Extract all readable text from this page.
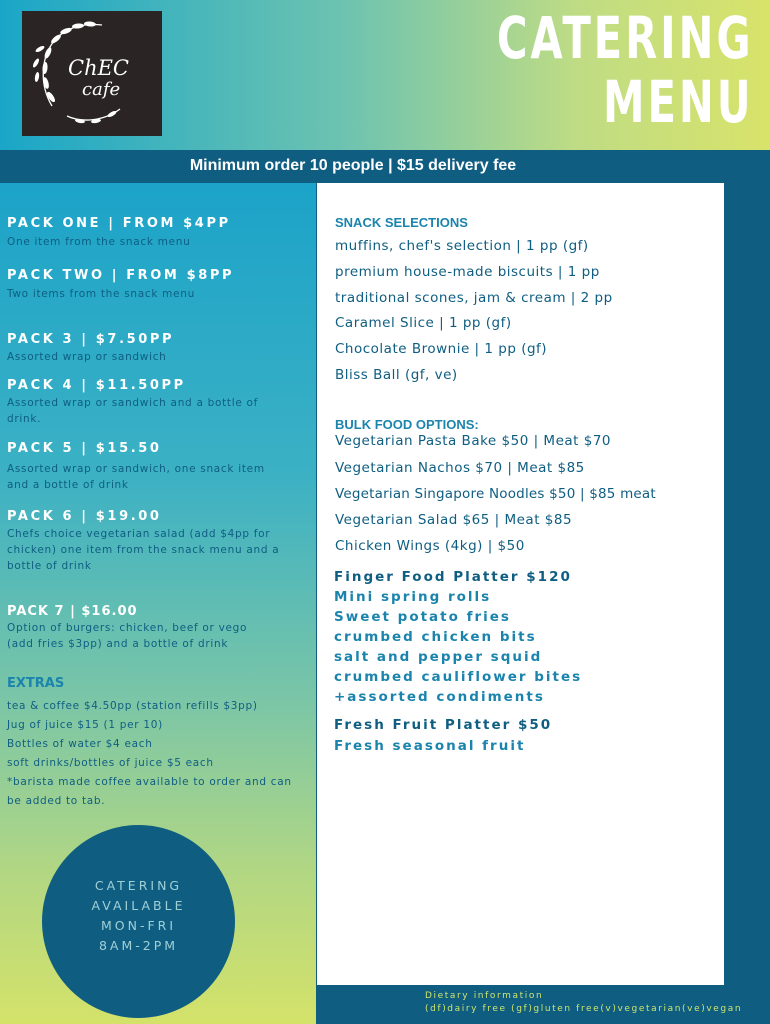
ChEC
cafe
CATERING
MENU
Minimum order 10 people | $15 delivery fee
PACK ONE | FROM $4PP
One item from the snack menu
PACK TWO | FROM $8PP
Two items from the snack menu
PACK 3 | $7.50PP
Assorted wrap or sandwich
PACK 4 | $11.50PP
Assorted wrap or sandwich and a bottle of drink.
PACK 5 | $15.50
Assorted wrap or sandwich, one snack item and a bottle of drink
PACK 6 | $19.00
Chefs choice vegetarian salad (add $4pp for chicken) one item from the snack menu and a bottle of drink
PACK 7 | $16.00
Option of burgers: chicken, beef or vego (add fries $3pp) and a bottle of drink
EXTRAS
tea & coffee $4.50pp (station refills $3pp)
Jug of juice $15 (1 per 10)
Bottles of water $4 each
soft drinks/bottles of juice $5 each
*barista made coffee available to order and can be added to tab.
CATERING
AVAILABLE
MON-FRI
8AM-2PM
SNACK SELECTIONS
muffins, chef's selection | 1 pp (gf)
premium house-made biscuits | 1 pp
traditional scones, jam & cream | 2 pp
Caramel Slice | 1 pp (gf)
Chocolate Brownie | 1 pp (gf)
Bliss Ball (gf, ve)
BULK FOOD OPTIONS:
Vegetarian Pasta Bake $50 | Meat $70
Vegetarian Nachos $70 | Meat $85
Vegetarian Singapore Noodles $50 | $85 meat
Vegetarian Salad $65 | Meat $85
Chicken Wings (4kg) | $50
Finger Food Platter $120
Mini spring rolls
Sweet potato fries
crumbed chicken bits
salt and pepper squid
crumbed cauliflower bites
+assorted condiments
Fresh Fruit Platter $50
Fresh seasonal fruit
Dietary information
(df)dairy free (gf)gluten free(v)vegetarian(ve)vegan
